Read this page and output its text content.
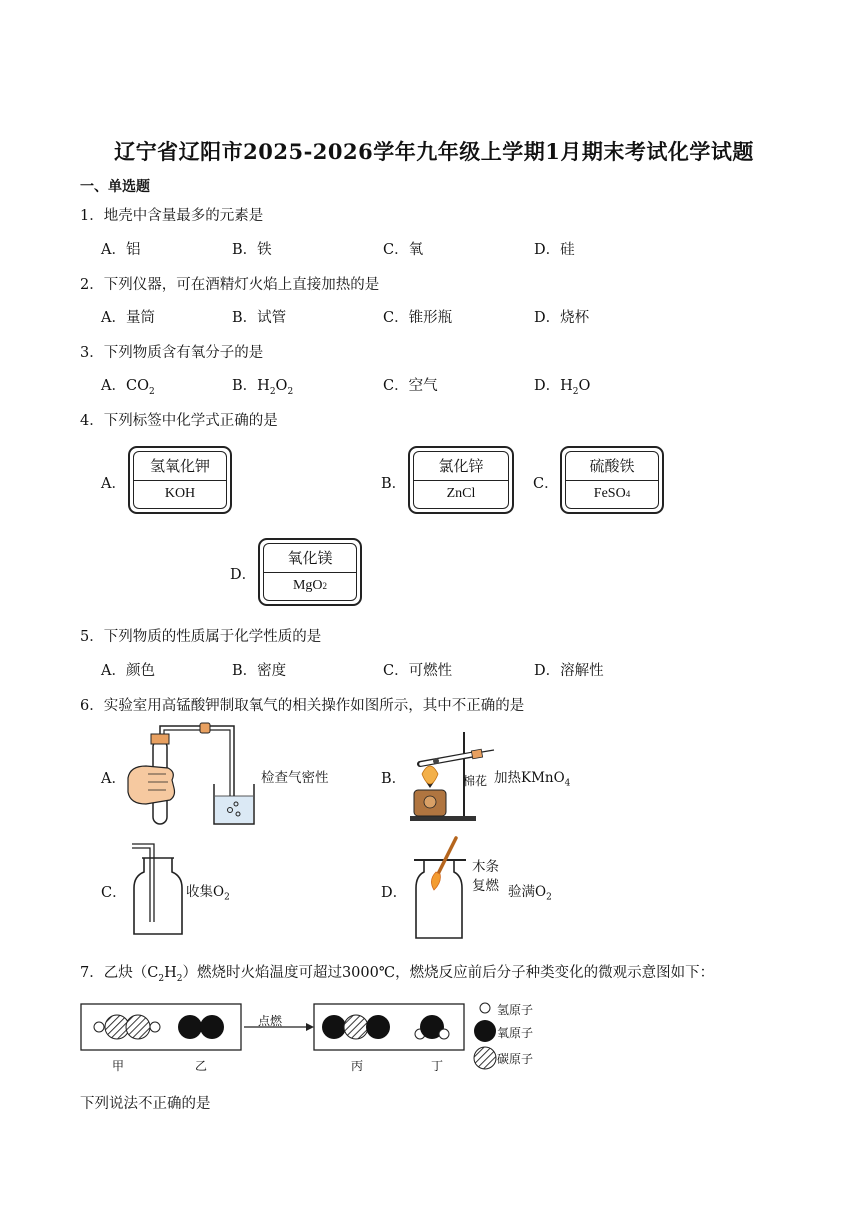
辽宁省辽阳市2025-2026学年九年级上学期1月期末考试化学试题
一、单选题
1．地壳中含量最多的元素是
A．铝	B．铁	C．氧	D．硅
2．下列仪器，可在酒精灯火焰上直接加热的是
A．量筒	B．试管	C．锥形瓶	D．烧杯
3．下列物质含有氧分子的是
A．$CO_2$	B．$H_2O_2$	C．空气	D．$H_2O$
4．下列标签中化学式正确的是
A．
氢氧化钾
KOH
B．
氯化锌
ZnCl
C．
硫酸铁
FeSO 4
D．
氧化镁
MgO 2
5．下列物质的性质属于化学性质的是
A．颜色	B．密度	C．可燃性	D．溶解性
6．实验室用高锰酸钾制取氧气的相关操作如图所示，其中不正确的是
A．	检查气密性	B．	棉花 加热KMnO$_4$
C．	收集$O_2$	D．
木条
复燃 验满$O_2$
7．乙炔$(C_2H_2)$燃烧时火焰温度可超过3000℃，燃烧反应前后分子种类变化的微观示意图如下：
点燃
甲	乙	丙	丁
氢原子
氧原子
碳原子
下列说法不正确的是
